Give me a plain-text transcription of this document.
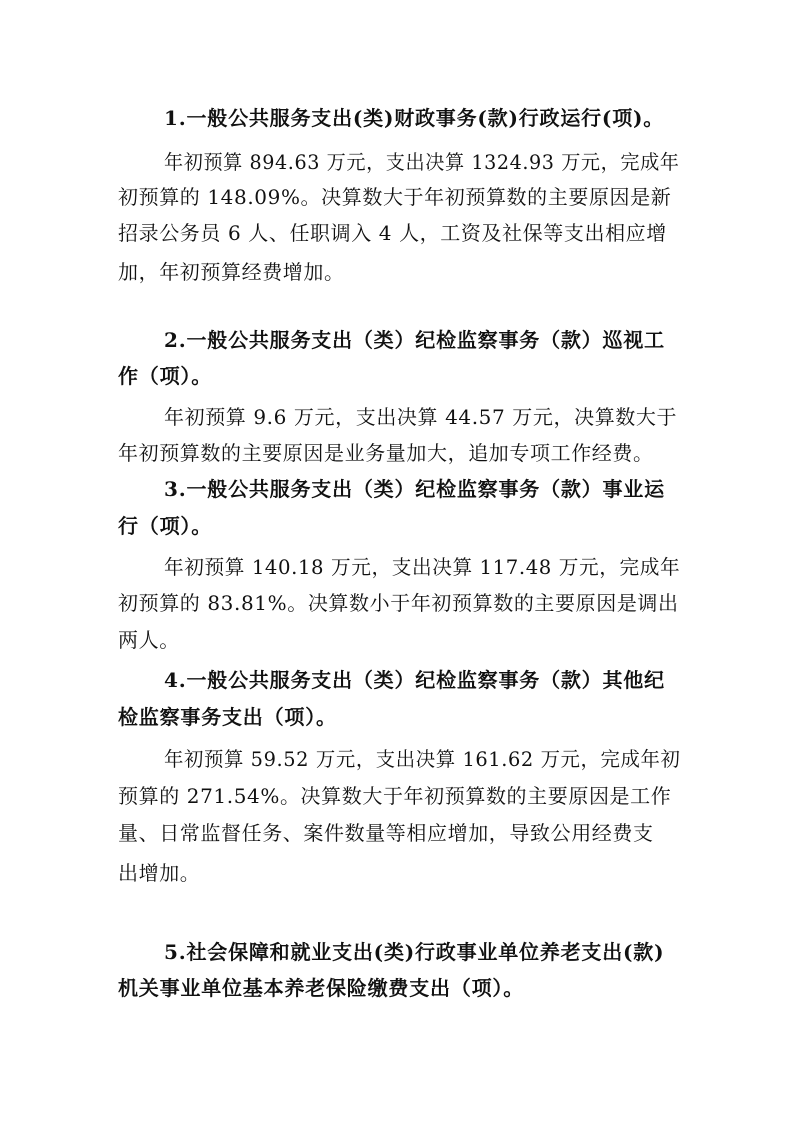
1.一般公共服务支出(类)财政事务(款)行政运行(项)。
年初预算 894.63 万元，支出决算 1324.93 万元，完成年
初预算的 148.09%。决算数大于年初预算数的主要原因是新
招录公务员 6 人、任职调入 4 人，工资及社保等支出相应增
加，年初预算经费增加。
2.一般公共服务支出（类）纪检监察事务（款）巡视工
作（项）。
年初预算 9.6 万元，支出决算 44.57 万元，决算数大于
年初预算数的主要原因是业务量加大，追加专项工作经费。
3.一般公共服务支出（类）纪检监察事务（款）事业运
行（项）。
年初预算 140.18 万元，支出决算 117.48 万元，完成年
初预算的 83.81%。决算数小于年初预算数的主要原因是调出
两人。
4.一般公共服务支出（类）纪检监察事务（款）其他纪
检监察事务支出（项）。
年初预算 59.52 万元，支出决算 161.62 万元，完成年初
预算的 271.54%。决算数大于年初预算数的主要原因是工作
量、日常监督任务、案件数量等相应增加，导致公用经费支
出增加。
5.社会保障和就业支出(类)行政事业单位养老支出(款)
机关事业单位基本养老保险缴费支出（项）。
